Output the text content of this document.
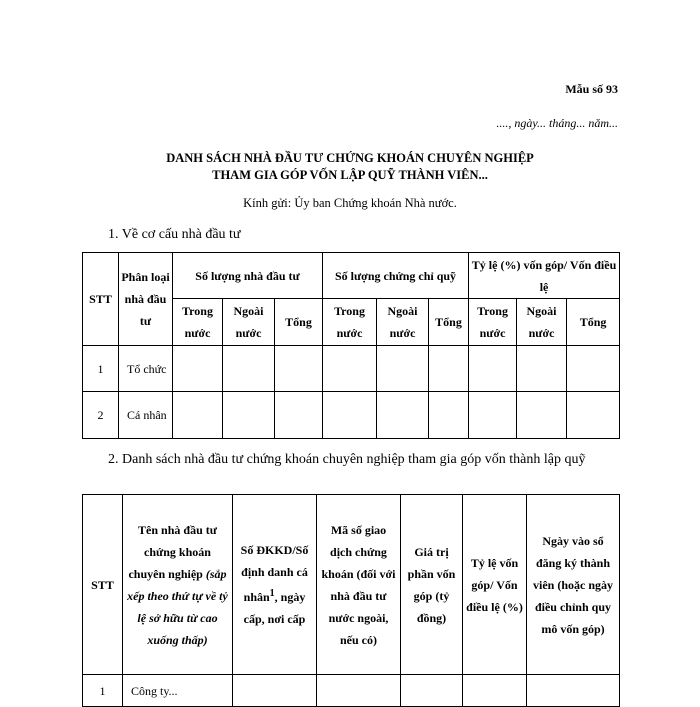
Mẫu số 93
...., ngày... tháng... năm...
DANH SÁCH NHÀ ĐẦU TƯ CHỨNG KHOÁN CHUYÊN NGHIỆP
THAM GIA GÓP VỐN LẬP QUỸ THÀNH VIÊN...
Kính gửi: Ủy ban Chứng khoán Nhà nước.
1. Về cơ cấu nhà đầu tư
STT	Phân loại nhà đầu tư	Số lượng nhà đầu tư			Số lượng chứng chỉ quỹ			Tỷ lệ (%) vốn góp/ Vốn điều lệ		
		Trong nước	Ngoài nước	Tổng	Trong nước	Ngoài nước	Tổng	Trong nước	Ngoài nước	Tổng
1	Tổ chức									
2	Cá nhân									
2. Danh sách nhà đầu tư chứng khoán chuyên nghiệp tham gia góp vốn thành lập quỹ
STT	Tên nhà đầu tư chứng khoán chuyên nghiệp (sắp xếp theo thứ tự về tỷ lệ sở hữu từ cao xuống thấp)	Số ĐKKD/Số định danh cá nhân$^1$, ngày cấp, nơi cấp	Mã số giao dịch chứng khoán (đối với nhà đầu tư nước ngoài, nếu có)	Giá trị phần vốn góp (tỷ đồng)	Tỷ lệ vốn góp/ Vốn điều lệ (%)	Ngày vào sổ đăng ký thành viên (hoặc ngày điều chỉnh quy mô vốn góp)
1	Công ty...					
